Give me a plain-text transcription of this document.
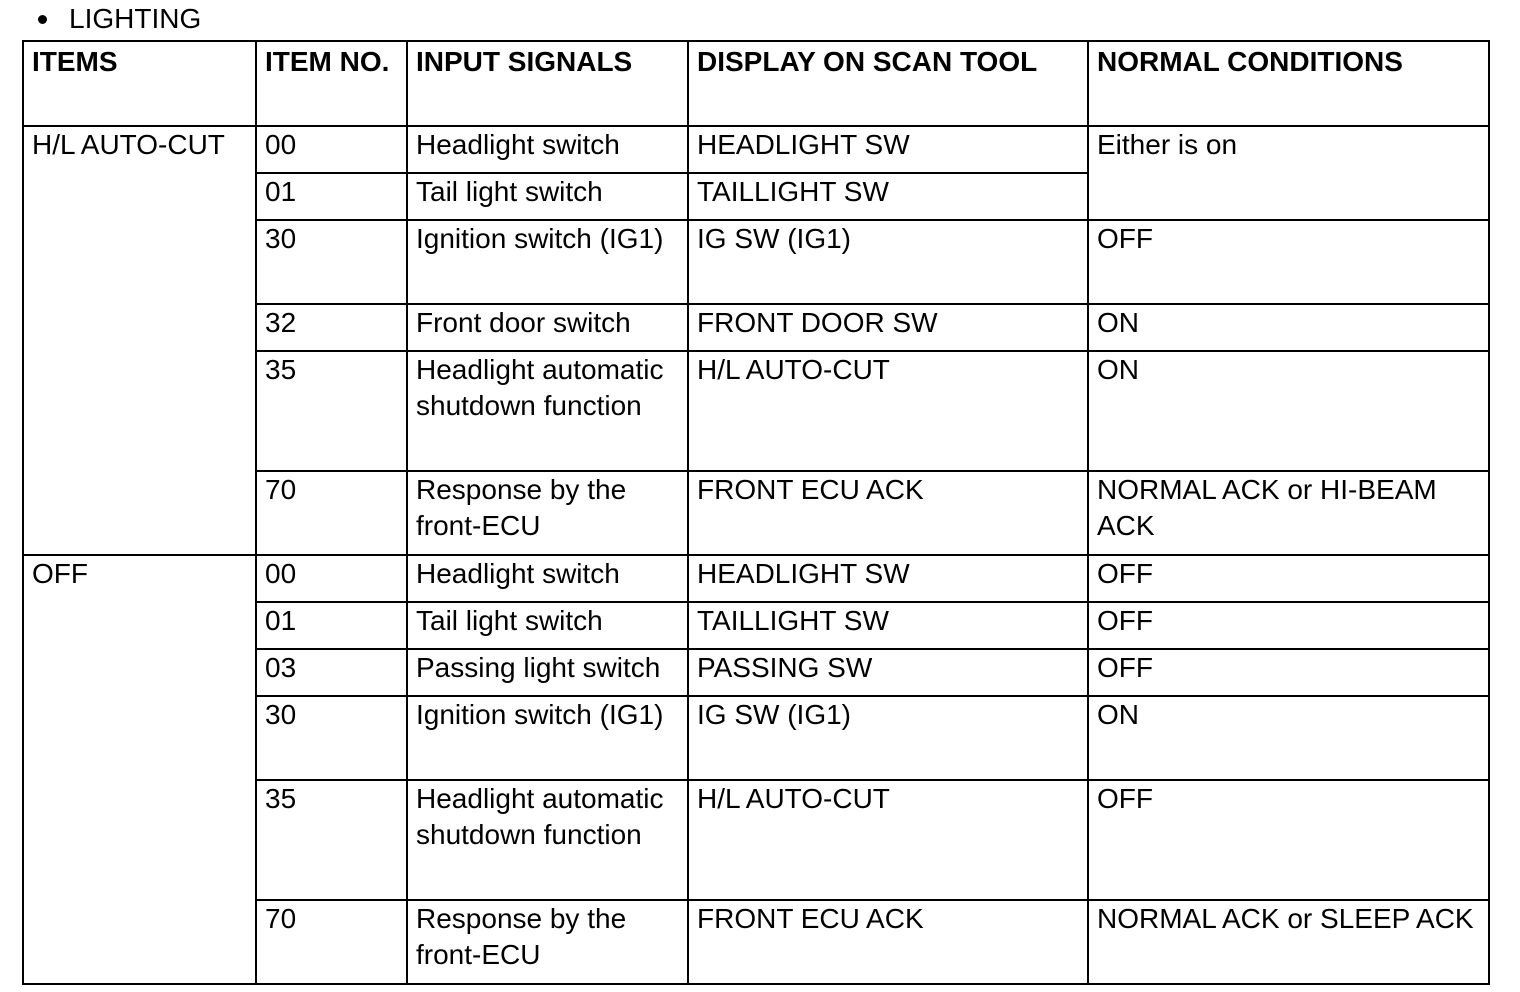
LIGHTING
ITEMS	ITEM NO.	INPUT SIGNALS	DISPLAY ON SCAN TOOL	NORMAL CONDITIONS
H/L AUTO-CUT	00	Headlight switch	HEADLIGHT SW	Either is on
	01	Tail light switch	TAILLIGHT SW	
	30	Ignition switch (IG1)	IG SW (IG1)	OFF
	32	Front door switch	FRONT DOOR SW	ON
	35	Headlight automatic shutdown function	H/L AUTO-CUT	ON
	70	Response by the front-ECU	FRONT ECU ACK	NORMAL ACK or HI-BEAM ACK
OFF	00	Headlight switch	HEADLIGHT SW	OFF
	01	Tail light switch	TAILLIGHT SW	OFF
	03	Passing light switch	PASSING SW	OFF
	30	Ignition switch (IG1)	IG SW (IG1)	ON
	35	Headlight automatic shutdown function	H/L AUTO-CUT	OFF
	70	Response by the front-ECU	FRONT ECU ACK	NORMAL ACK or SLEEP ACK
